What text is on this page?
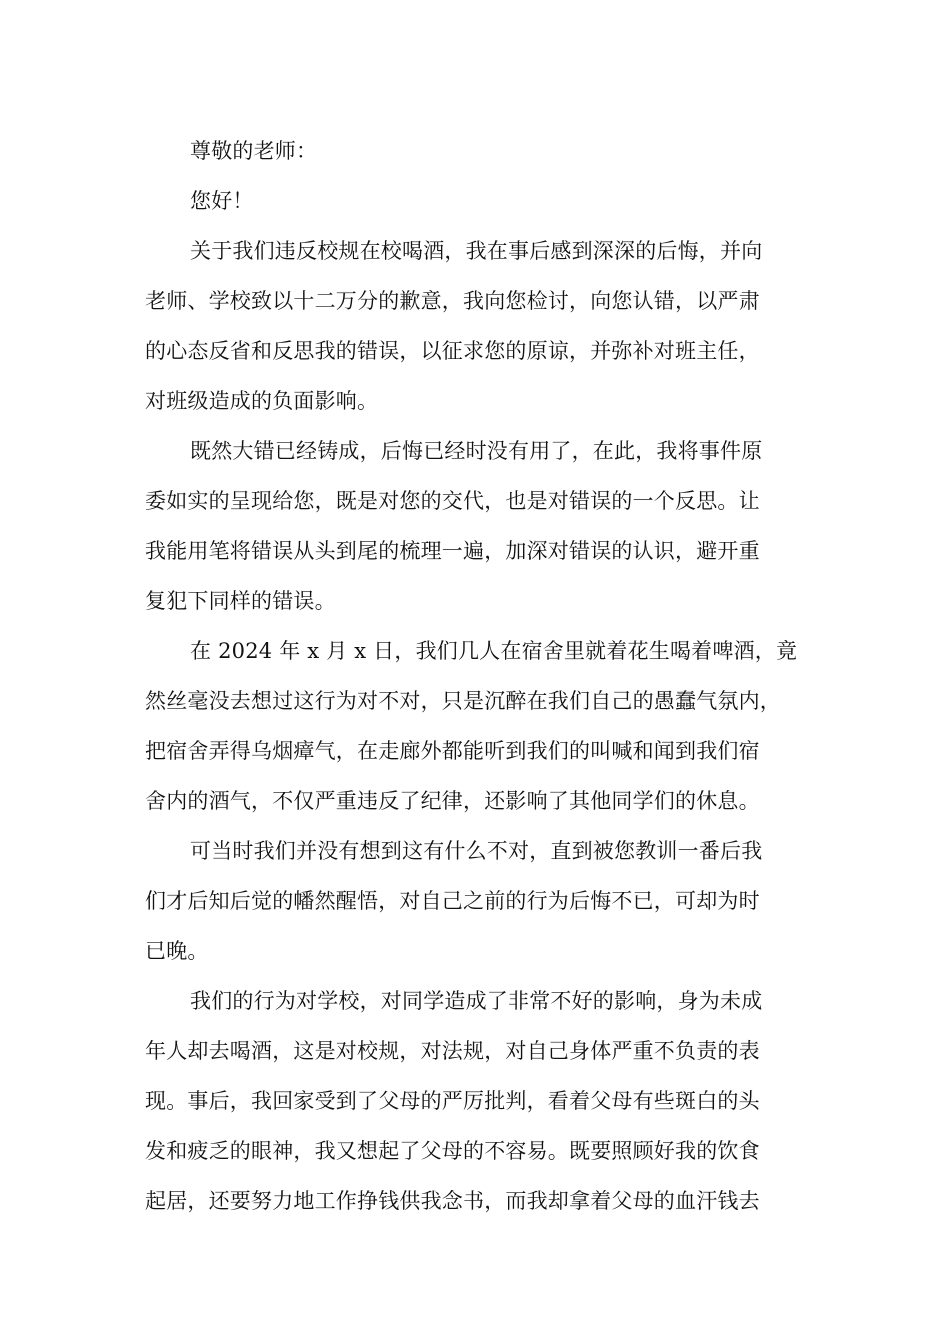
尊敬的老师：
您好！
关于我们违反校规在校喝酒，我在事后感到深深的后悔，并向
老师、学校致以十二万分的歉意，我向您检讨，向您认错，以严肃
的心态反省和反思我的错误，以征求您的原谅，并弥补对班主任，
对班级造成的负面影响。
既然大错已经铸成，后悔已经时没有用了，在此，我将事件原
委如实的呈现给您，既是对您的交代，也是对错误的一个反思。让
我能用笔将错误从头到尾的梳理一遍，加深对错误的认识，避开重
复犯下同样的错误。
在 2024 年 x 月 x 日，我们几人在宿舍里就着花生喝着啤酒，竟
然丝毫没去想过这行为对不对，只是沉醉在我们自己的愚蠢气氛内，
把宿舍弄得乌烟瘴气，在走廊外都能听到我们的叫喊和闻到我们宿
舍内的酒气，不仅严重违反了纪律，还影响了其他同学们的休息。
可当时我们并没有想到这有什么不对，直到被您教训一番后我
们才后知后觉的幡然醒悟，对自己之前的行为后悔不已，可却为时
已晚。
我们的行为对学校，对同学造成了非常不好的影响，身为未成
年人却去喝酒，这是对校规，对法规，对自己身体严重不负责的表
现。事后，我回家受到了父母的严厉批判，看着父母有些斑白的头
发和疲乏的眼神，我又想起了父母的不容易。既要照顾好我的饮食
起居，还要努力地工作挣钱供我念书，而我却拿着父母的血汗钱去
